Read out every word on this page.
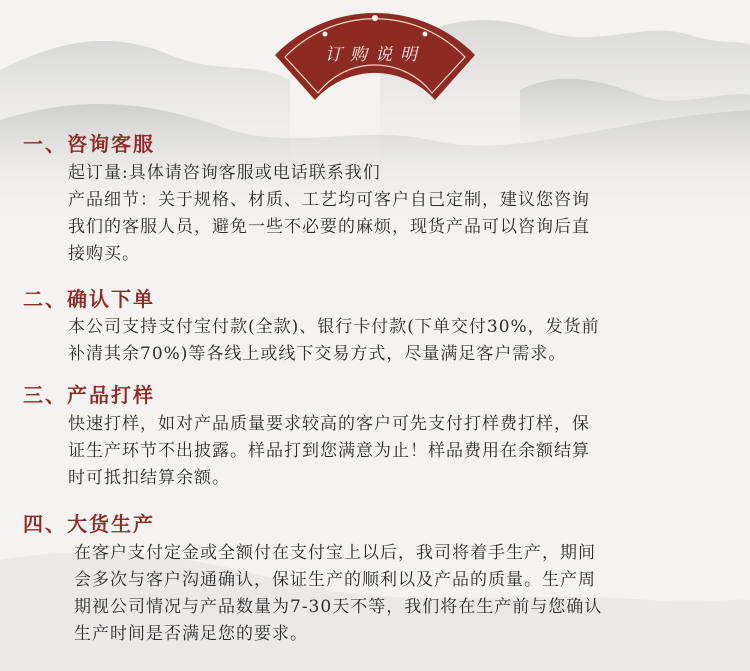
订购说明
一、咨询客服
起订量:具体请咨询客服或电话联系我们
产品细节：关于规格、材质、工艺均可客户自己定制，建议您咨询
我们的客服人员，避免一些不必要的麻烦，现货产品可以咨询后直
接购买。
二、确认下单
本公司支持支付宝付款(全款)、银行卡付款(下单交付30%，发货前
补清其余70%)等各线上或线下交易方式，尽量满足客户需求。
三、产品打样
快速打样，如对产品质量要求较高的客户可先支付打样费打样，保
证生产环节不出披露。样品打到您满意为止！样品费用在余额结算
时可抵扣结算余额。
四、大货生产
在客户支付定金或全额付在支付宝上以后，我司将着手生产，期间
会多次与客户沟通确认，保证生产的顺利以及产品的质量。生产周
期视公司情况与产品数量为7-30天不等，我们将在生产前与您确认
生产时间是否满足您的要求。
